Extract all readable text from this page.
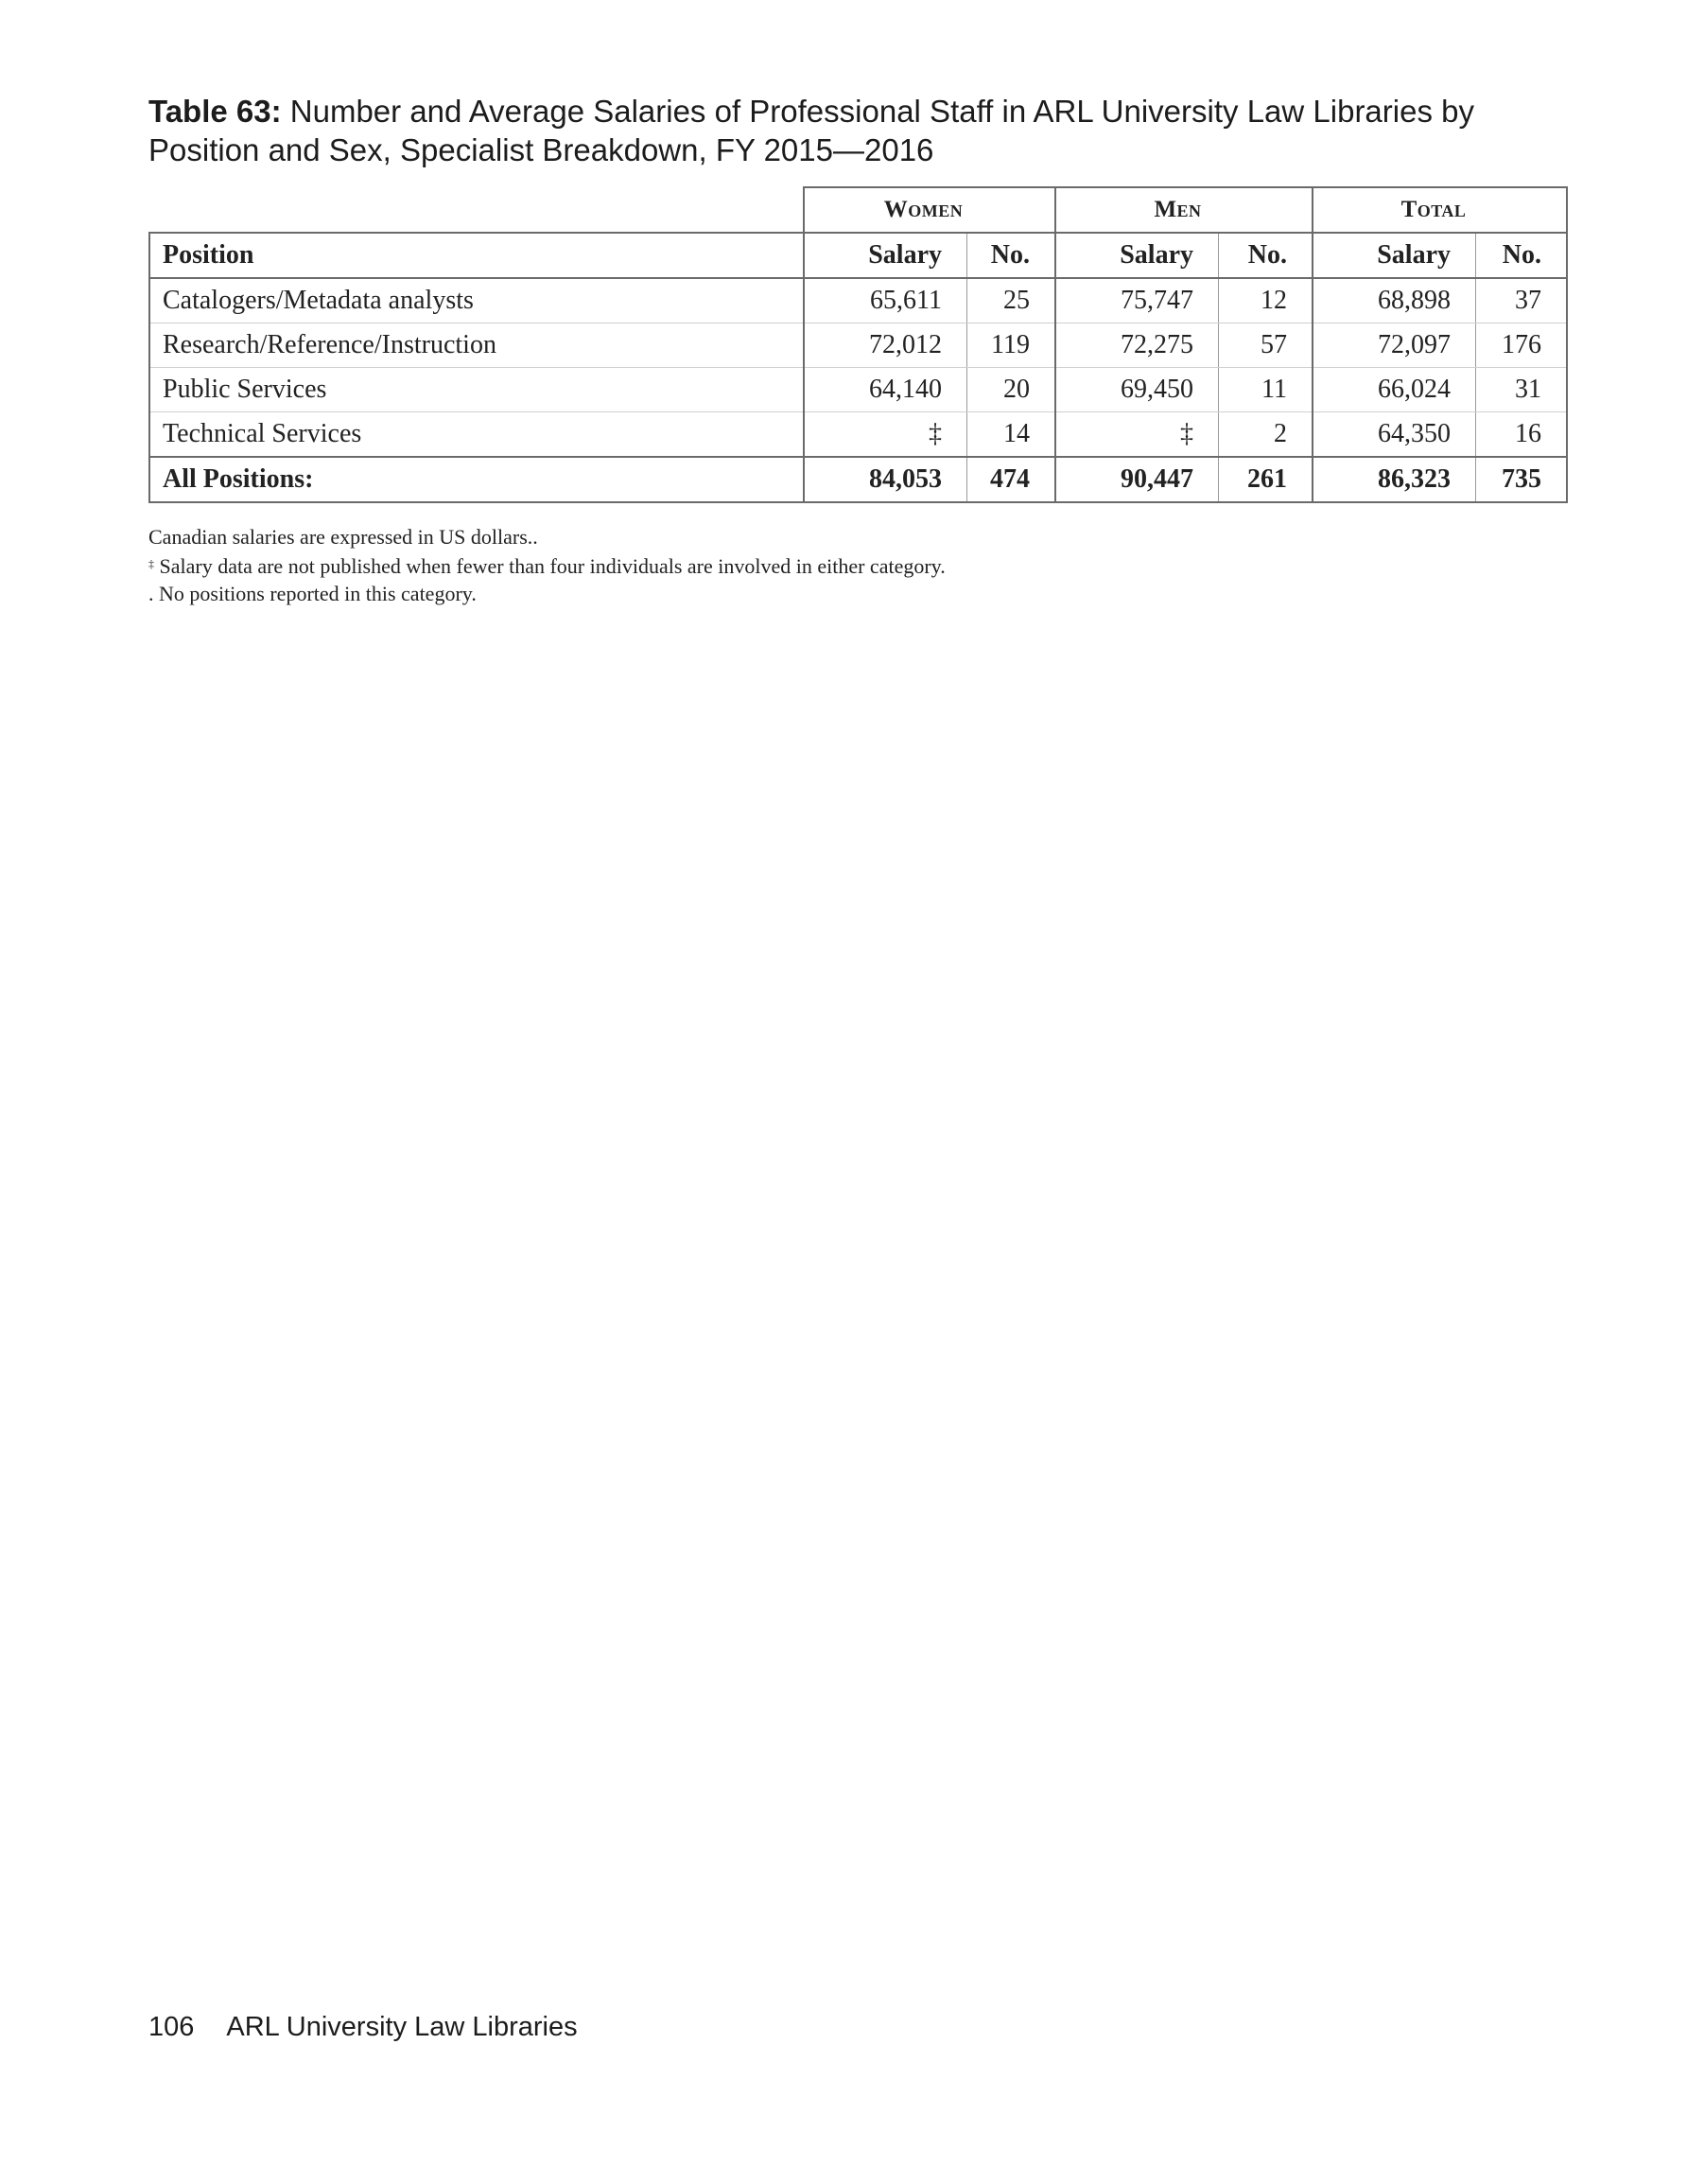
Table 63: Number and Average Salaries of Professional Staff in ARL University Law Libraries by Position and Sex, Specialist Breakdown, FY 2015—2016
	Women		Men		Total	
Position	Salary	No.	Salary	No.	Salary	No.
Catalogers/Metadata analysts	65,611	25	75,747	12	68,898	37
Research/Reference/Instruction	72,012	119	72,275	57	72,097	176
Public Services	64,140	20	69,450	11	66,024	31
Technical Services	‡	14	‡	2	64,350	16
All Positions:	84,053	474	90,447	261	86,323	735

Canadian salaries are expressed in US dollars..

‡ Salary data are not published when fewer than four individuals are involved in either category.

. No positions reported in this category.

106 ARL University Law Libraries
